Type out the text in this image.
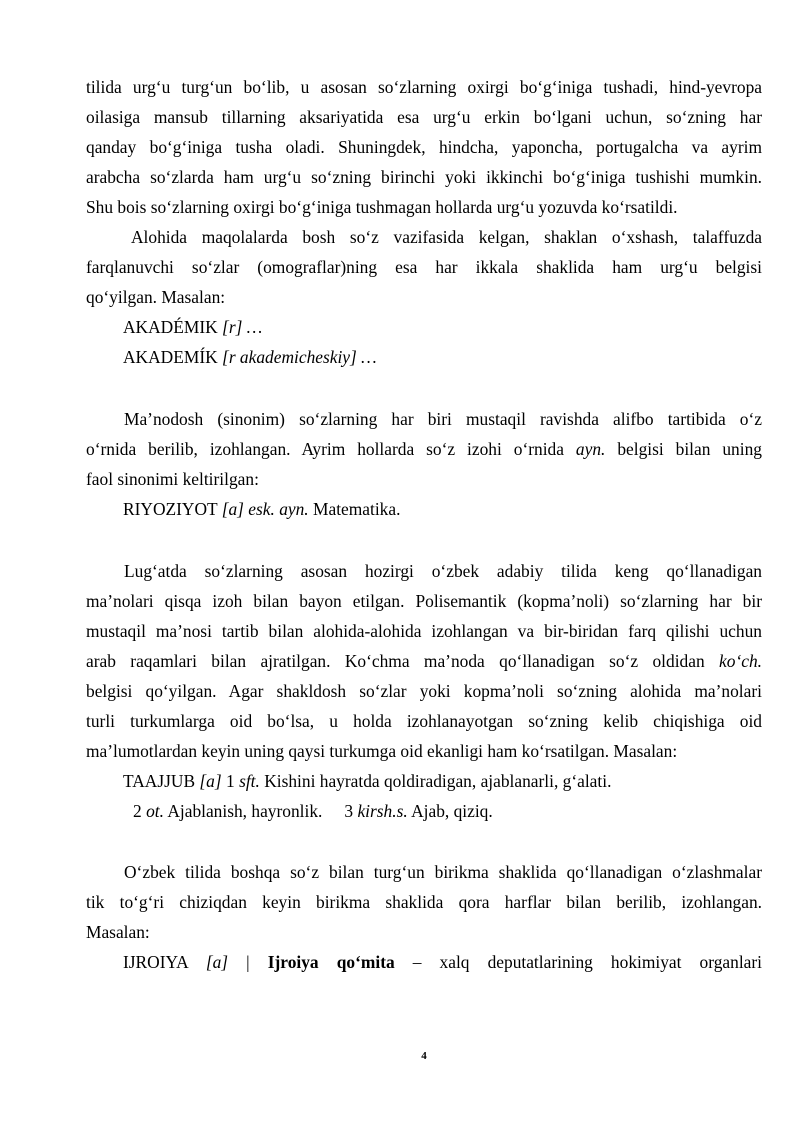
tilida urg‘u turg‘un bo‘lib, u asosan so‘zlarning oxirgi bo‘g‘iniga tushadi, hind-yevropa

oilasiga mansub tillarning aksariyatida esa urg‘u erkin bo‘lgani uchun, so‘zning har

qanday bo‘g‘iniga tusha oladi. Shuningdek, hindcha, yaponcha, portugalcha va ayrim

arabcha so‘zlarda ham urg‘u so‘zning birinchi yoki ikkinchi bo‘g‘iniga tushishi mumkin.

Shu bois so‘zlarning oxirgi bo‘g‘iniga tushmagan hollarda urg‘u yozuvda ko‘rsatildi.

Alohida maqolalarda bosh so‘z vazifasida kelgan, shaklan o‘xshash, talaffuzda

farqlanuvchi so‘zlar (omograflar)ning esa har ikkala shaklida ham urg‘u belgisi

qo‘yilgan. Masalan:

AKADÉMIK [r] …

AKADEMÍK [r akademicheskiy] …

Ma’nodosh (sinonim) so‘zlarning har biri mustaqil ravishda alifbo tartibida o‘z

o‘rnida berilib, izohlangan. Ayrim hollarda so‘z izohi o‘rnida ayn. belgisi bilan uning

faol sinonimi keltirilgan:

RIYOZIYOT [a] esk. ayn. Matematika.

Lug‘atda so‘zlarning asosan hozirgi o‘zbek adabiy tilida keng qo‘llanadigan

ma’nolari qisqa izoh bilan bayon etilgan. Polisemantik (kopma’noli) so‘zlarning har bir

mustaqil ma’nosi tartib bilan alohida-alohida izohlangan va bir-biridan farq qilishi uchun

arab raqamlari bilan ajratilgan. Ko‘chma ma’noda qo‘llanadigan so‘z oldidan ko‘ch.

belgisi qo‘yilgan. Agar shakldosh so‘zlar yoki kopma’noli so‘zning alohida ma’nolari

turli turkumlarga oid bo‘lsa, u holda izohlanayotgan so‘zning kelib chiqishiga oid

ma’lumotlardan keyin uning qaysi turkumga oid ekanligi ham ko‘rsatilgan. Masalan:

TAAJJUB [a] 1 sft. Kishini hayratda qoldiradigan, ajablanarli, g‘alati.

2 ot. Ajablanish, hayronlik. 3 kirsh.s. Ajab, qiziq.

O‘zbek tilida boshqa so‘z bilan turg‘un birikma shaklida qo‘llanadigan o‘zlashmalar

tik to‘g‘ri chiziqdan keyin birikma shaklida qora harflar bilan berilib, izohlangan.

Masalan:

IJROIYA [a] | Ijroiya qo‘mita – xalq deputatlarining hokimiyat organlari

4
